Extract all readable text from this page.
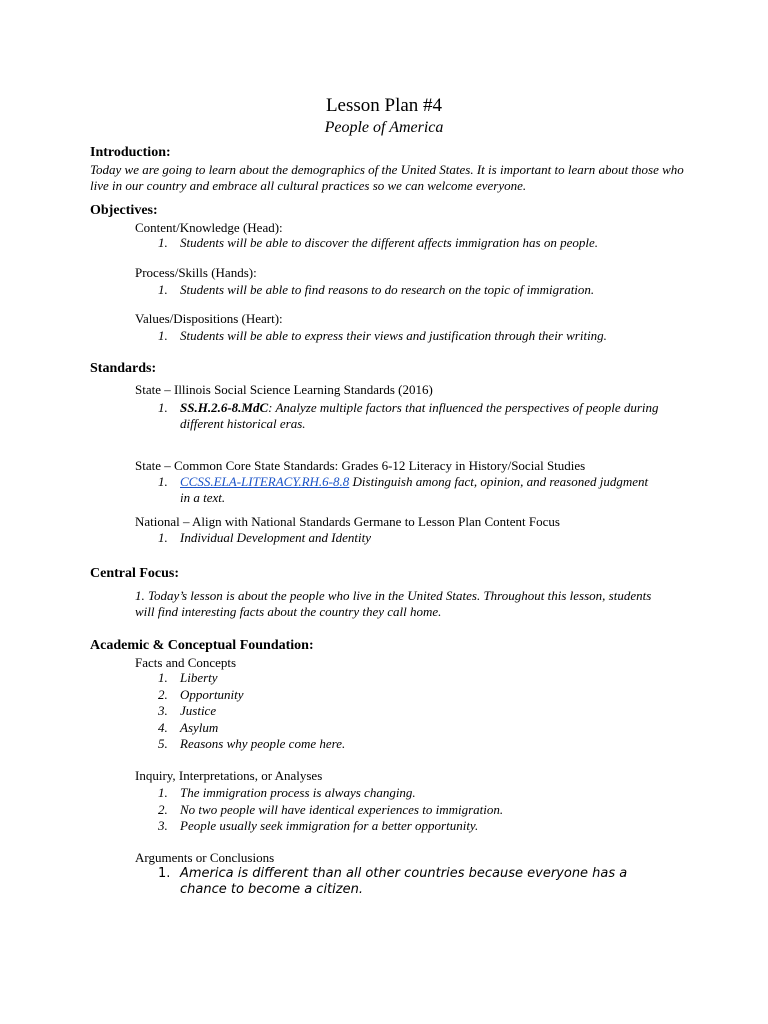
Lesson Plan #4
People of America
Introduction:
Today we are going to learn about the demographics of the United States. It is important to learn about those who live in our country and embrace all cultural practices so we can welcome everyone.
Objectives:
Content/Knowledge (Head):
1. Students will be able to discover the different affects immigration has on people.
Process/Skills (Hands):
1. Students will be able to find reasons to do research on the topic of immigration.
Values/Dispositions (Heart):
1. Students will be able to express their views and justification through their writing.
Standards:
State – Illinois Social Science Learning Standards (2016)
1. SS.H.2.6-8.MdC: Analyze multiple factors that influenced the perspectives of people during different historical eras.
State – Common Core State Standards: Grades 6-12 Literacy in History/Social Studies
1. CCSS.ELA-LITERACY.RH.6-8.8 Distinguish among fact, opinion, and reasoned judgment in a text.
National – Align with National Standards Germane to Lesson Plan Content Focus
1. Individual Development and Identity
Central Focus:
1. Today’s lesson is about the people who live in the United States. Throughout this lesson, students will find interesting facts about the country they call home.
Academic & Conceptual Foundation:
Facts and Concepts
1. Liberty
2. Opportunity
3. Justice
4. Asylum
5. Reasons why people come here.
Inquiry, Interpretations, or Analyses
1. The immigration process is always changing.
2. No two people will have identical experiences to immigration.
3. People usually seek immigration for a better opportunity.
Arguments or Conclusions
1. America is different than all other countries because everyone has a chance to become a citizen.
